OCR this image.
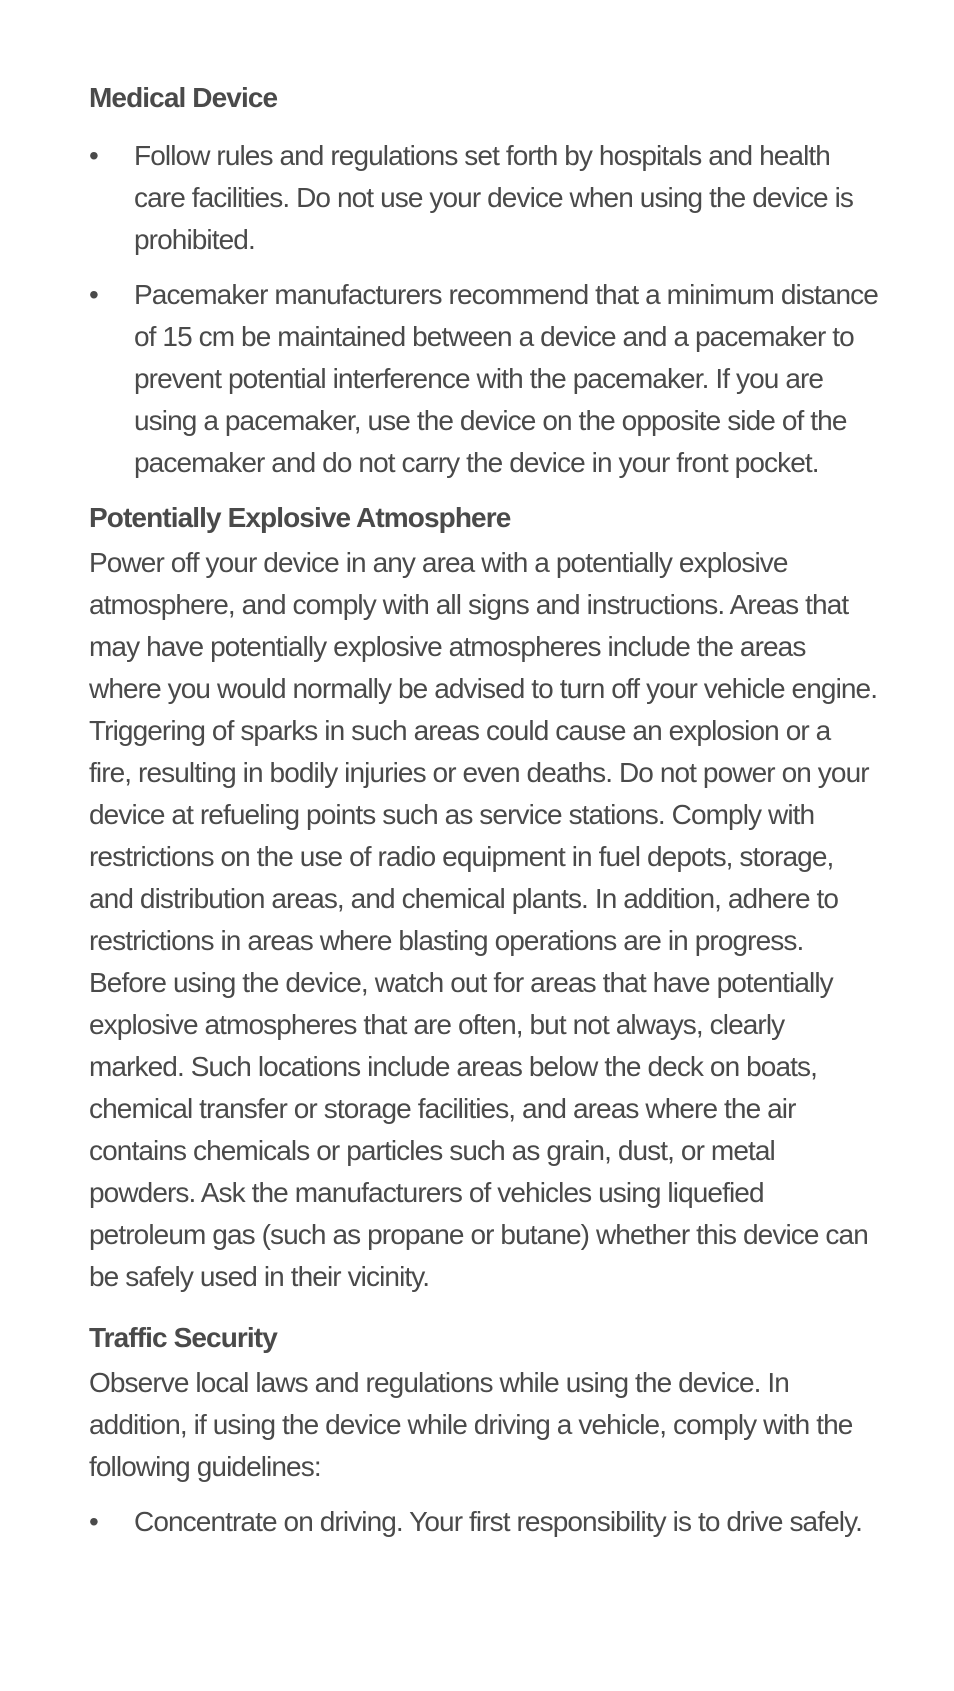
Medical Device
• Follow rules and regulations set forth by hospitals and health care facilities. Do not use your device when using the device is prohibited.
• Pacemaker manufacturers recommend that a minimum distance of 15 cm be maintained between a device and a pacemaker to prevent potential interference with the pacemaker. If you are using a pacemaker, use the device on the opposite side of the pacemaker and do not carry the device in your front pocket.
Potentially Explosive Atmosphere

Power off your device in any area with a potentially explosive atmosphere, and comply with all signs and instructions. Areas that may have potentially explosive atmospheres include the areas where you would normally be advised to turn off your vehicle engine. Triggering of sparks in such areas could cause an explosion or a fire, resulting in bodily injuries or even deaths. Do not power on your device at refueling points such as service stations. Comply with restrictions on the use of radio equipment in fuel depots, storage, and distribution areas, and chemical plants. In addition, adhere to restrictions in areas where blasting operations are in progress. Before using the device, watch out for areas that have potentially explosive atmospheres that are often, but not always, clearly marked. Such locations include areas below the deck on boats, chemical transfer or storage facilities, and areas where the air contains chemicals or particles such as grain, dust, or metal powders. Ask the manufacturers of vehicles using liquefied petroleum gas (such as propane or butane) whether this device can be safely used in their vicinity.

Traffic Security

Observe local laws and regulations while using the device. In addition, if using the device while driving a vehicle, comply with the following guidelines:

• Concentrate on driving. Your first responsibility is to drive safely.
